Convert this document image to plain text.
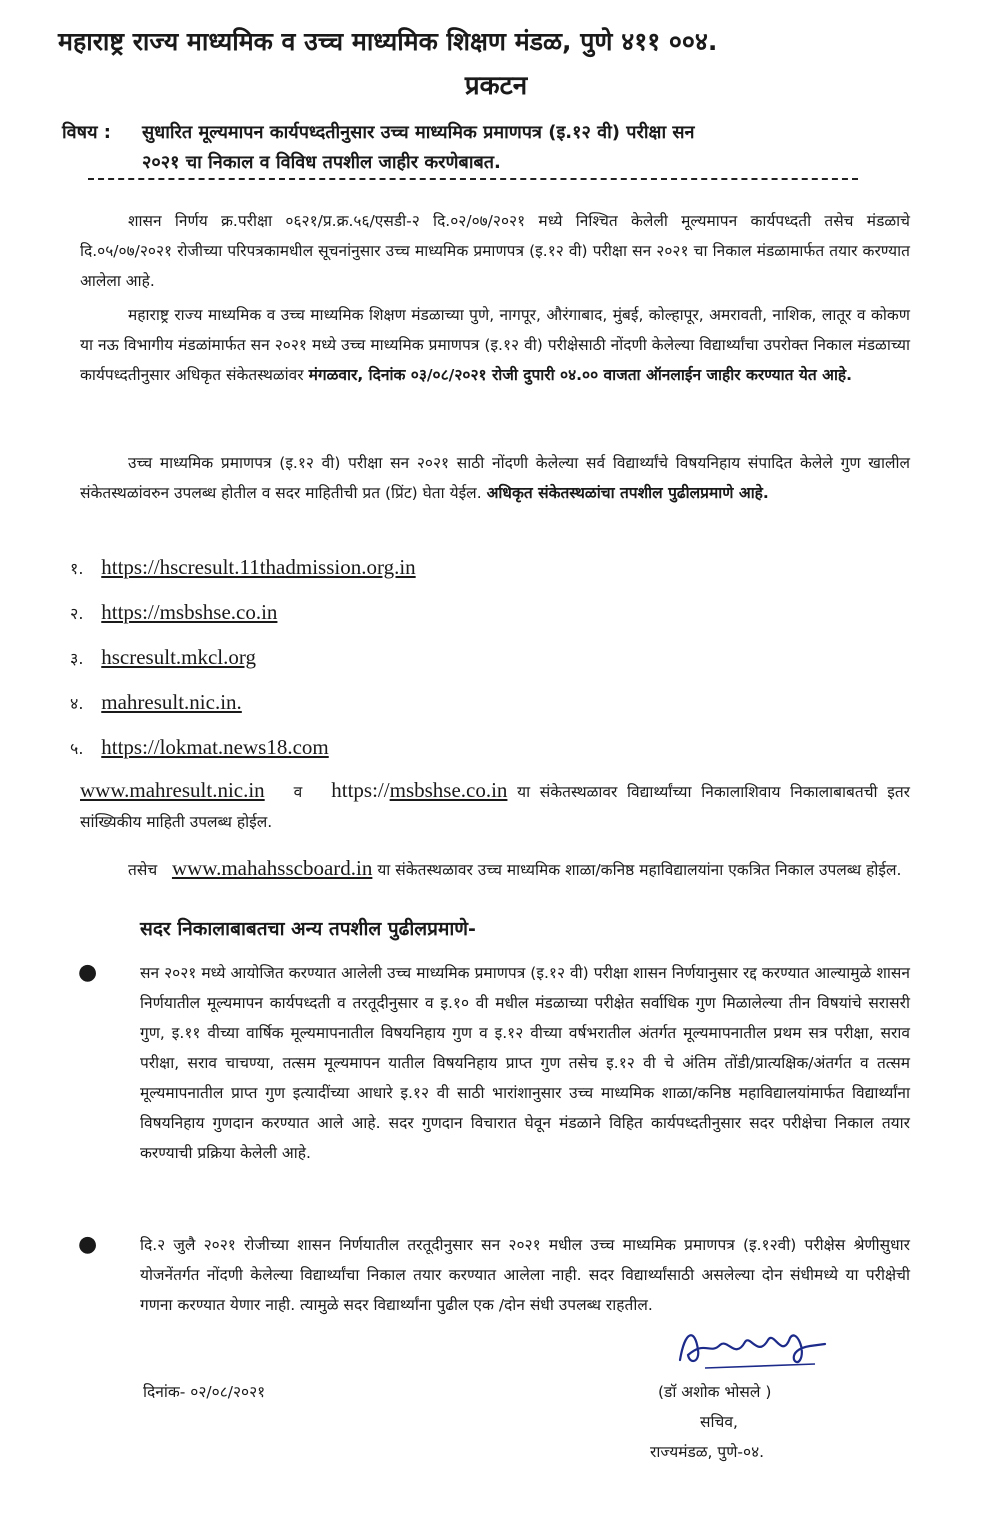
महाराष्ट्र राज्य माध्यमिक व उच्च माध्यमिक शिक्षण मंडळ, पुणे ४११ ००४.
प्रकटन
विषय : सुधारित मूल्यमापन कार्यपध्दतीनुसार उच्च माध्यमिक प्रमाणपत्र (इ.१२ वी) परीक्षा सन
२०२१ चा निकाल व विविध तपशील जाहीर करणेबाबत.
शासन निर्णय क्र.परीक्षा ०६२१/प्र.क्र.५६/एसडी-२ दि.०२/०७/२०२१ मध्ये निश्चित केलेली मूल्यमापन कार्यपध्दती तसेच मंडळाचे दि.०५/०७/२०२१ रोजीच्या परिपत्रकामधील सूचनांनुसार उच्च माध्यमिक प्रमाणपत्र (इ.१२ वी) परीक्षा सन २०२१ चा निकाल मंडळामार्फत तयार करण्यात आलेला आहे.
महाराष्ट्र राज्य माध्यमिक व उच्च माध्यमिक शिक्षण मंडळाच्या पुणे, नागपूर, औरंगाबाद, मुंबई, कोल्हापूर, अमरावती, नाशिक, लातूर व कोकण या नऊ विभागीय मंडळांमार्फत सन २०२१ मध्ये उच्च माध्यमिक प्रमाणपत्र (इ.१२ वी) परीक्षेसाठी नोंदणी केलेल्या विद्यार्थ्यांचा उपरोक्त निकाल मंडळाच्या कार्यपध्दतीनुसार अधिकृत संकेतस्थळांवर मंगळवार, दिनांक ०३/०८/२०२१ रोजी दुपारी ०४.०० वाजता ऑनलाईन जाहीर करण्यात येत आहे.
उच्च माध्यमिक प्रमाणपत्र (इ.१२ वी) परीक्षा सन २०२१ साठी नोंदणी केलेल्या सर्व विद्यार्थ्यांचे विषयनिहाय संपादित केलेले गुण खालील संकेतस्थळांवरुन उपलब्ध होतील व सदर माहितीची प्रत (प्रिंट) घेता येईल. अधिकृत संकेतस्थळांचा तपशील पुढीलप्रमाणे आहे.
१. https://hscresult.11thadmission.org.in
२. https://msbshse.co.in
३. hscresult.mkcl.org
४. mahresult.nic.in.
५. https://lokmat.news18.com
www.mahresult.nic.in व https://msbshse.co.in या संकेतस्थळावर विद्यार्थ्यांच्या निकालाशिवाय निकालाबाबतची इतर सांख्यिकीय माहिती उपलब्ध होईल.
तसेच www.mahahsscboard.in या संकेतस्थळावर उच्च माध्यमिक शाळा/कनिष्ठ महाविद्यालयांना एकत्रित निकाल उपलब्ध होईल.
सदर निकालाबाबतचा अन्य तपशील पुढीलप्रमाणे-
●	सन २०२१ मध्ये आयोजित करण्यात आलेली उच्च माध्यमिक प्रमाणपत्र (इ.१२ वी) परीक्षा शासन निर्णयानुसार रद्द करण्यात आल्यामुळे शासन निर्णयातील मूल्यमापन कार्यपध्दती व तरतूदीनुसार व इ.१० वी मधील मंडळाच्या परीक्षेत सर्वाधिक गुण मिळालेल्या तीन विषयांचे सरासरी गुण, इ.११ वीच्या वार्षिक मूल्यमापनातील विषयनिहाय गुण व इ.१२ वीच्या वर्षभरातील अंतर्गत मूल्यमापनातील प्रथम सत्र परीक्षा, सराव परीक्षा, सराव चाचण्या, तत्सम मूल्यमापन यातील विषयनिहाय प्राप्त गुण तसेच इ.१२ वी चे अंतिम तोंडी/प्रात्यक्षिक/अंतर्गत व तत्सम मूल्यमापनातील प्राप्त गुण इत्यादींच्या आधारे इ.१२ वी साठी भारांशानुसार उच्च माध्यमिक शाळा/कनिष्ठ महाविद्यालयांमार्फत विद्यार्थ्यांना विषयनिहाय गुणदान करण्यात आले आहे. सदर गुणदान विचारात घेवून मंडळाने विहित कार्यपध्दतीनुसार सदर परीक्षेचा निकाल तयार करण्याची प्रक्रिया केलेली आहे.
●	दि.२ जुलै २०२१ रोजीच्या शासन निर्णयातील तरतूदीनुसार सन २०२१ मधील उच्च माध्यमिक प्रमाणपत्र (इ.१२वी) परीक्षेस श्रेणीसुधार योजनेंतर्गत नोंदणी केलेल्या विद्यार्थ्यांचा निकाल तयार करण्यात आलेला नाही. सदर विद्यार्थ्यांसाठी असलेल्या दोन संधीमध्ये या परीक्षेची गणना करण्यात येणार नाही. त्यामुळे सदर विद्यार्थ्यांना पुढील एक /दोन संधी उपलब्ध राहतील.
दिनांक- ०२/०८/२०२१	(डॉ अशोक भोसले )
सचिव,
राज्यमंडळ, पुणे-०४.
